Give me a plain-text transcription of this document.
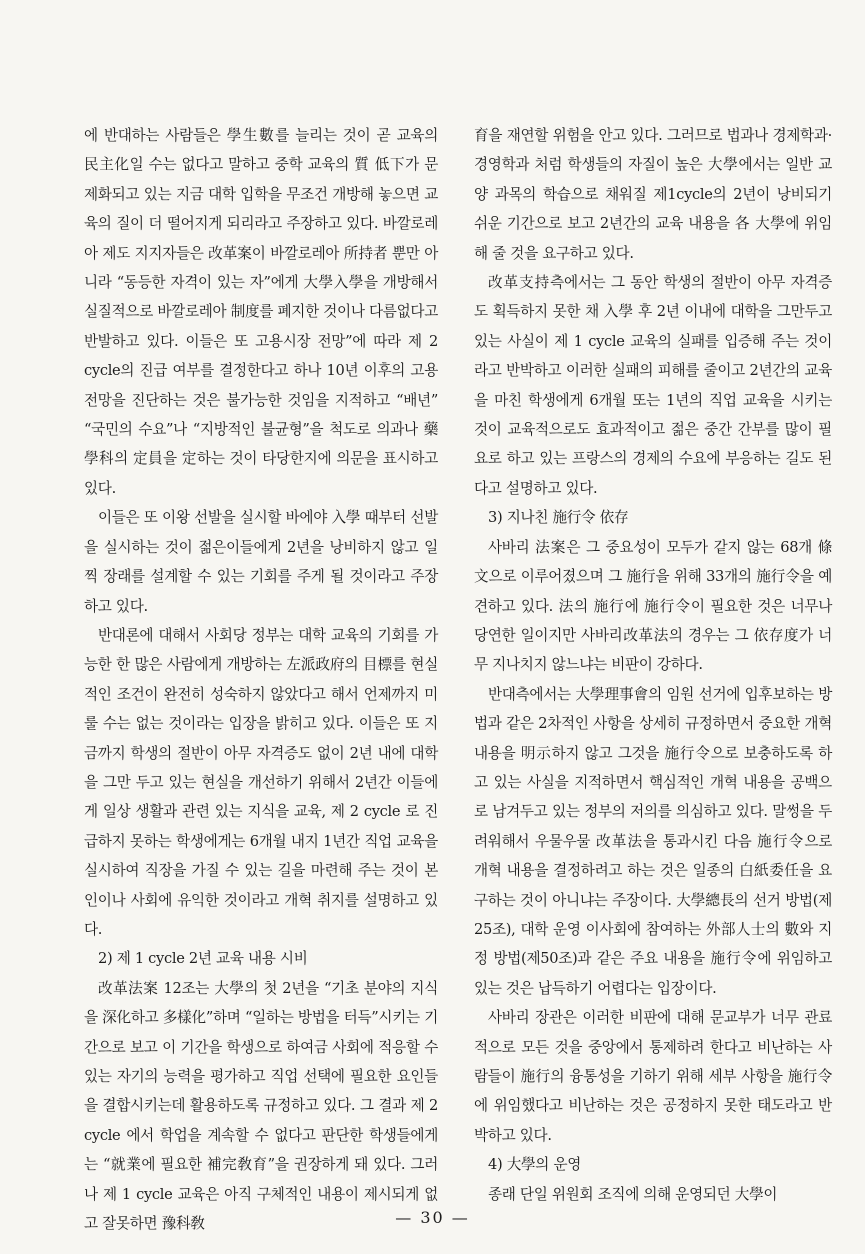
에 반대하는 사람들은 學生數를 늘리는 것이 곧 교육의 民主化일 수는 없다고 말하고 중학 교육의 質 低下가 문제화되고 있는 지금 대학 입학을 무조건 개방해 놓으면 교육의 질이 더 떨어지게 되리라고 주장하고 있다. 바깔로레아 제도 지지자들은 改革案이 바깔로레아 所持者 뿐만 아니라 “동등한 자격이 있는 자”에게 大學入學을 개방해서 실질적으로 바깔로레아 制度를 폐지한 것이나 다름없다고 반발하고 있다. 이들은 또 고용시장 전망”에 따라 제 2 cycle의 진급 여부를 결정한다고 하나 10년 이후의 고용 전망을 진단하는 것은 불가능한 것임을 지적하고 “배년” “국민의 수요”나 “지방적인 불균형”을 척도로 의과나 藥學科의 定員을 定하는 것이 타당한지에 의문을 표시하고 있다.

이들은 또 이왕 선발을 실시할 바에야 入學 때부터 선발을 실시하는 것이 젊은이들에게 2년을 낭비하지 않고 일찍 장래를 설계할 수 있는 기회를 주게 될 것이라고 주장하고 있다.

반대론에 대해서 사회당 정부는 대학 교육의 기회를 가능한 한 많은 사람에게 개방하는 左派政府의 目標를 현실적인 조건이 완전히 성숙하지 않았다고 해서 언제까지 미룰 수는 없는 것이라는 입장을 밝히고 있다. 이들은 또 지금까지 학생의 절반이 아무 자격증도 없이 2년 내에 대학을 그만 두고 있는 현실을 개선하기 위해서 2년간 이들에게 일상 생활과 관련 있는 지식을 교육, 제 2 cycle 로 진급하지 못하는 학생에게는 6개월 내지 1년간 직업 교육을 실시하여 직장을 가질 수 있는 길을 마련해 주는 것이 본인이나 사회에 유익한 것이라고 개혁 취지를 설명하고 있다.

2) 제 1 cycle 2년 교육 내용 시비

改革法案 12조는 大學의 첫 2년을 “기초 분야의 지식을 深化하고 多樣化”하며 “일하는 방법을 터득”시키는 기간으로 보고 이 기간을 학생으로 하여금 사회에 적응할 수 있는 자기의 능력을 평가하고 직업 선택에 필요한 요인들을 결합시키는데 활용하도록 규정하고 있다. 그 결과 제 2 cycle 에서 학업을 계속할 수 없다고 판단한 학생들에게는 “就業에 필요한 補完敎育”을 권장하게 돼 있다. 그러나 제 1 cycle 교육은 아직 구체적인 내용이 제시되게 없고 잘못하면 豫科敎

育을 재연할 위험을 안고 있다. 그러므로 법과나 경제학과·경영학과 처럼 학생들의 자질이 높은 大學에서는 일반 교양 과목의 학습으로 채워질 제1cycle의 2년이 낭비되기 쉬운 기간으로 보고 2년간의 교육 내용을 各 大學에 위임해 줄 것을 요구하고 있다.

改革支持측에서는 그 동안 학생의 절반이 아무 자격증도 획득하지 못한 채 入學 후 2년 이내에 대학을 그만두고 있는 사실이 제 1 cycle 교육의 실패를 입증해 주는 것이라고 반박하고 이러한 실패의 피해를 줄이고 2년간의 교육을 마친 학생에게 6개월 또는 1년의 직업 교육을 시키는 것이 교육적으로도 효과적이고 젊은 중간 간부를 많이 필요로 하고 있는 프랑스의 경제의 수요에 부응하는 길도 된다고 설명하고 있다.

3) 지나친 施行令 依存

사바리 法案은 그 중요성이 모두가 같지 않는 68개 條文으로 이루어졌으며 그 施行을 위해 33개의 施行令을 예견하고 있다. 法의 施行에 施行令이 필요한 것은 너무나 당연한 일이지만 사바리改革法의 경우는 그 依存度가 너무 지나치지 않느냐는 비판이 강하다.

반대측에서는 大學理事會의 임원 선거에 입후보하는 방법과 같은 2차적인 사항을 상세히 규정하면서 중요한 개혁 내용을 明示하지 않고 그것을 施行令으로 보충하도록 하고 있는 사실을 지적하면서 핵심적인 개혁 내용을 공백으로 남겨두고 있는 정부의 저의를 의심하고 있다. 말썽을 두려워해서 우물우물 改革法을 통과시킨 다음 施行令으로 개혁 내용을 결정하려고 하는 것은 일종의 白紙委任을 요구하는 것이 아니냐는 주장이다. 大學總長의 선거 방법(제25조), 대학 운영 이사회에 참여하는 外部人士의 數와 지정 방법(제50조)과 같은 주요 내용을 施行令에 위임하고 있는 것은 납득하기 어렵다는 입장이다.

사바리 장관은 이러한 비판에 대해 문교부가 너무 관료적으로 모든 것을 중앙에서 통제하려 한다고 비난하는 사람들이 施行의 융통성을 기하기 위해 세부 사항을 施行令에 위임했다고 비난하는 것은 공정하지 못한 태도라고 반박하고 있다.

4) 大學의 운영

종래 단일 위원회 조직에 의해 운영되던 大學이

— 30 —
